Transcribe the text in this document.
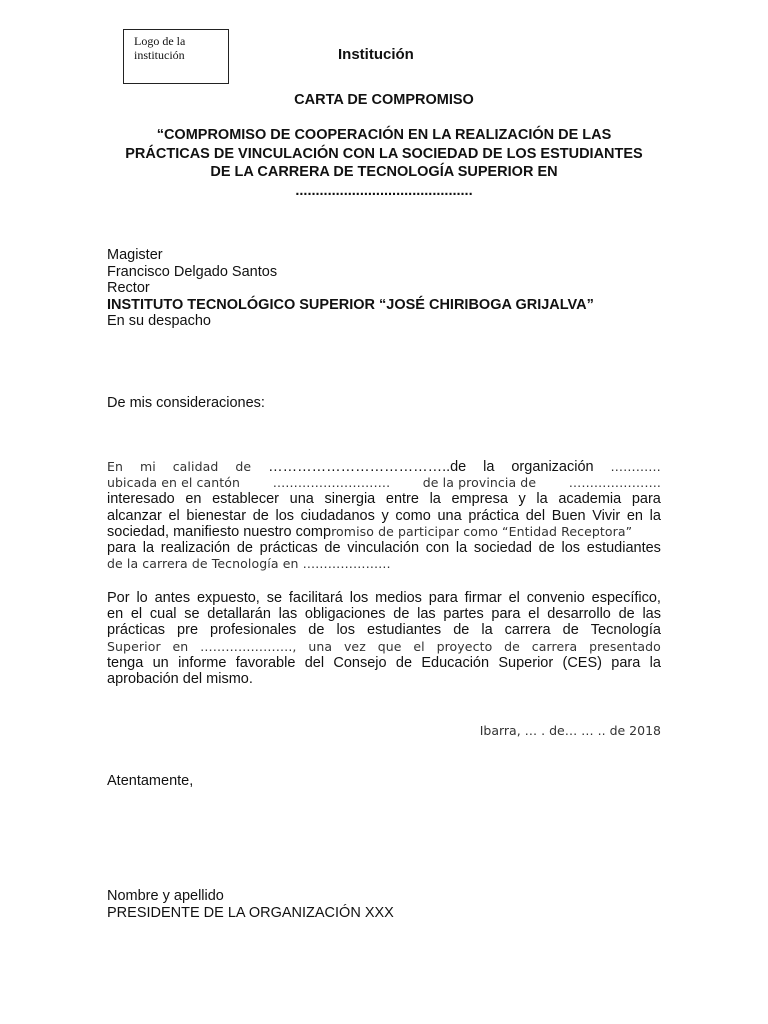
Logo de la
institución	Institución
CARTA DE COMPROMISO
“COMPROMISO DE COOPERACIÓN EN LA REALIZACIÓN DE LAS
PRÁCTICAS DE VINCULACIÓN CON LA SOCIEDAD DE LOS ESTUDIANTES
DE LA CARRERA DE TECNOLOGÍA SUPERIOR EN
............................................
Magister
Francisco Delgado Santos
Rector
INSTITUTO TECNOLÓGICO SUPERIOR “JOSÉ CHIRIBOGA GRIJALVA”
En su despacho
De mis consideraciones:
En mi calidad de ………………………………..de la organización …………
ubicada en el cantón	……………………….	de la provincia de	………………….
interesado en establecer una sinergia entre la empresa y la academia para
alcanzar el bienestar de los ciudadanos y como una práctica del Buen Vivir en la
sociedad, manifiesto nuestro comp romiso de participar como “Entidad Receptora”
para la realización de prácticas de vinculación con la sociedad de los estudiantes
de la carrera de Tecnología en …………………
Por lo antes expuesto, se facilitará los medios para firmar el convenio específico,
en el cual se detallarán las obligaciones de las partes para el desarrollo de las
prácticas pre profesionales de los estudiantes de la carrera de Tecnología
Superior en …………………., una vez que el proyecto de carrera presentado
tenga un informe favorable del Consejo de Educación Superior (CES) para la
aprobación del mismo.
Ibarra, … . de… … .. de 2018
Atentamente,
Nombre y apellido
PRESIDENTE DE LA ORGANIZACIÓN XXX
